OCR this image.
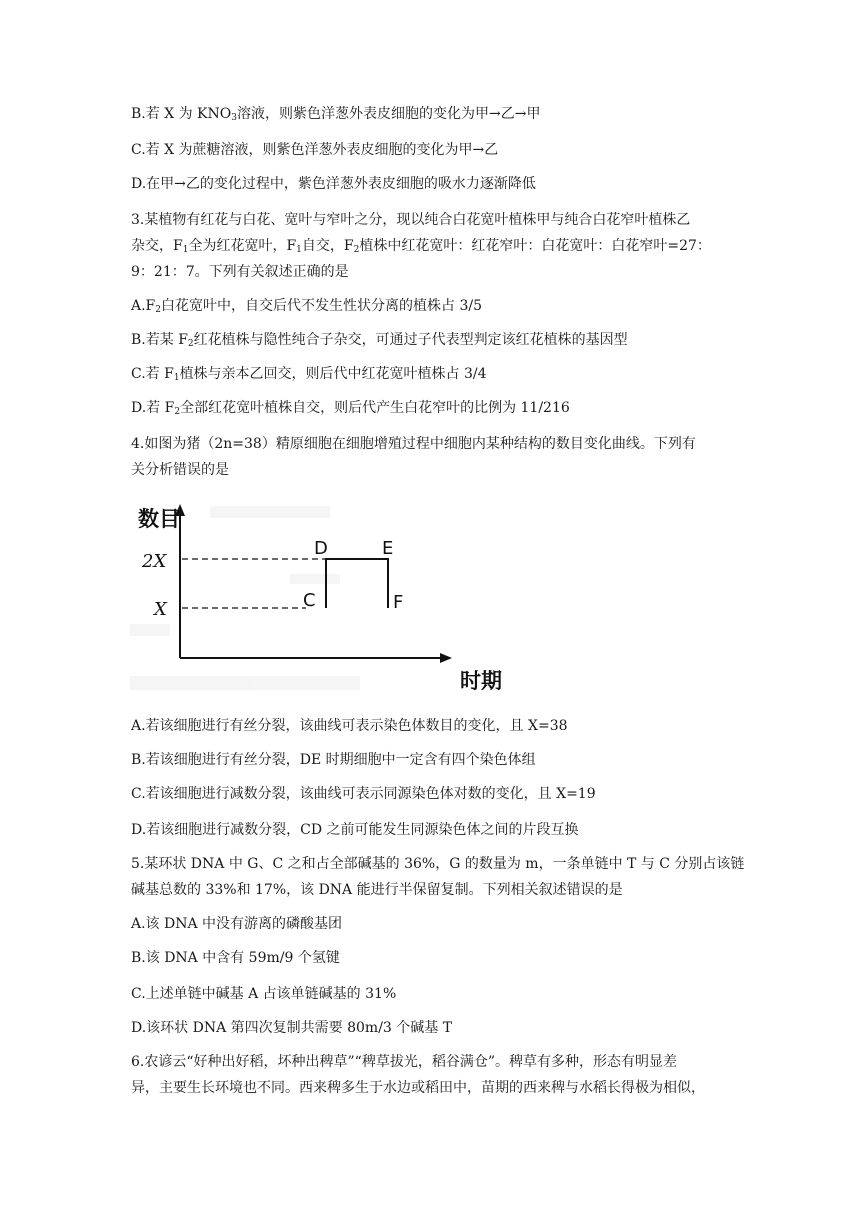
B.若 X 为 $KNO_3$溶液，则紫色洋葱外表皮细胞的变化为甲→乙→甲
C.若 X 为蔗糖溶液，则紫色洋葱外表皮细胞的变化为甲→乙
D.在甲→乙的变化过程中，紫色洋葱外表皮细胞的吸水力逐渐降低
3.某植物有红花与白花、宽叶与窄叶之分，现以纯合白花宽叶植株甲与纯合白花窄叶植株乙
杂交，$F_1$全为红花宽叶，$F_1$自交，$F_2$植株中红花宽叶：红花窄叶：白花宽叶：白花窄叶=27：
9：21：7。下列有关叙述正确的是
$A.F_2$白花宽叶中，自交后代不发生性状分离的植株占 3/5
B.若某 $F_2$红花植株与隐性纯合子杂交，可通过子代表型判定该红花植株的基因型
C.若 $F_1$植株与亲本乙回交，则后代中红花宽叶植株占 3/4
D.若 $F_2$全部红花宽叶植株自交，则后代产生白花窄叶的比例为 11/216
4.如图为猪（2n=38）精原细胞在细胞增殖过程中细胞内某种结构的数目变化曲线。下列有
关分析错误的是
数目
时期
2X
X	C
D	E
F
A.若该细胞进行有丝分裂，该曲线可表示染色体数目的变化，且 X=38
B.若该细胞进行有丝分裂，DE 时期细胞中一定含有四个染色体组
C.若该细胞进行减数分裂，该曲线可表示同源染色体对数的变化，且 X=19
D.若该细胞进行减数分裂，CD 之前可能发生同源染色体之间的片段互换
5.某环状 DNA 中 G、C 之和占全部碱基的 36%，G 的数量为 m，一条单链中 T 与 C 分别占该链
碱基总数的 33%和 17%，该 DNA 能进行半保留复制。下列相关叙述错误的是
A.该 DNA 中没有游离的磷酸基团
B.该 DNA 中含有 59m/9 个氢键
C.上述单链中碱基 A 占该单链碱基的 31%
D.该环状 DNA 第四次复制共需要 80m/3 个碱基 T
6.农谚云“好种出好稻，坏种出稗草”“稗草拔光，稻谷满仓”。稗草有多种，形态有明显差
异，主要生长环境也不同。西来稗多生于水边或稻田中，苗期的西来稗与水稻长得极为相似，
